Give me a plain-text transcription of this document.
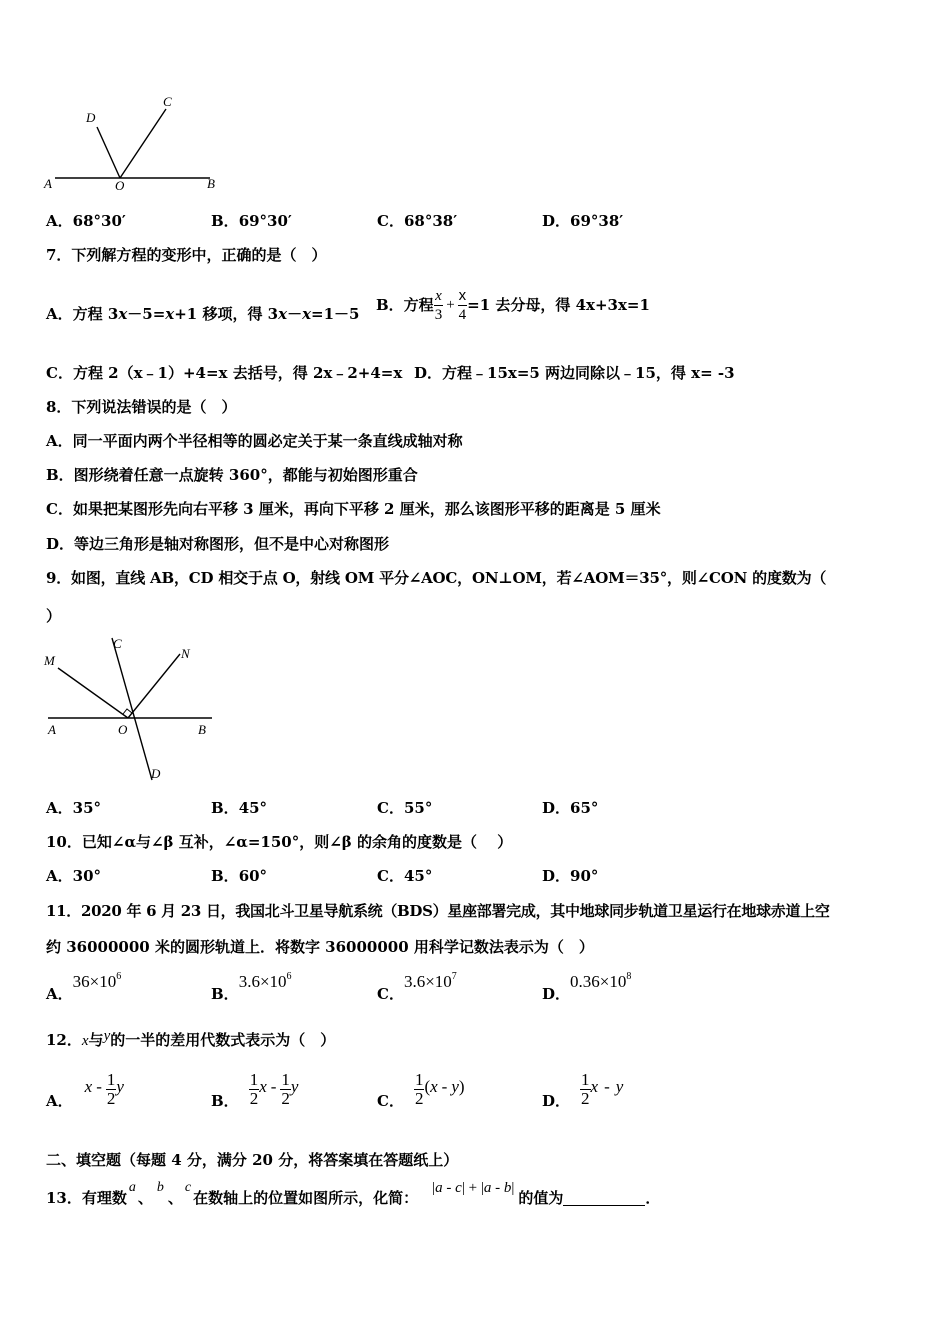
A	O	B
D
C
A．68°30′	B．69°30′	C．68°38′	D．69°38′
7．下列解方程的变形中，正确的是（　）
A．方程 3x－5=x+1 移项，得 3x－x=1－5 B．方程 $\frac{x}{3} + \frac{x}{4} =1$ 去分母，得 4x+3x=1
C．方程 2（x﹣1）+4=x 去括号，得 2x﹣2+4=x D．方程﹣15x=5 两边同除以﹣15，得 x= -3
8．下列说法错误的是（　）
A．同一平面内两个半径相等的圆必定关于某一条直线成轴对称
B．图形绕着任意一点旋转 360°，都能与初始图形重合
C．如果把某图形先向右平移 3 厘米，再向下平移 2 厘米，那么该图形平移的距离是 5 厘米
D．等边三角形是轴对称图形，但不是中心对称图形
9．如图，直线 AB，CD 相交于点 O，射线 OM 平分∠AOC，ON⊥OM，若∠AOM＝35°，则∠CON 的度数为（
）
M
C
N
A	O	B
D
A．35°	B．45°	C．55°	D．65°
10．已知∠α与∠β 互补，∠α=150°，则∠β 的余角的度数是（　 ）
A．30°	B．60°	C．45°	D．90°
11．2020 年 6 月 23 日，我国北斗卫星导航系统（BDS）星座部署完成，其中地球同步轨道卫星运行在地球赤道上空
约 36000000 米的圆形轨道上．将数字 36000000 用科学记数法表示为（　）
A．$36\times 10^6$
B．$3.6\times 10^6$
C．$3.6\times 10^7$
D．$0.36\times 10^8$
12．x与y的一半的差用代数式表示为（　）
A．
x - $\frac{1}{2}$ y
B． $\frac{1}{2}$ x - $\frac{1}{2}$ y
C． $\frac{1}{2}$ ( x - y )
D． $\frac{1}{2}$ x - y
二、填空题（每题 4 分，满分 20 分，将答案填在答题纸上）
13．有理数
a
、
b
、
c
在数轴上的位置如图所示，化简：
|a - c| + |a - b|
的值为	．
